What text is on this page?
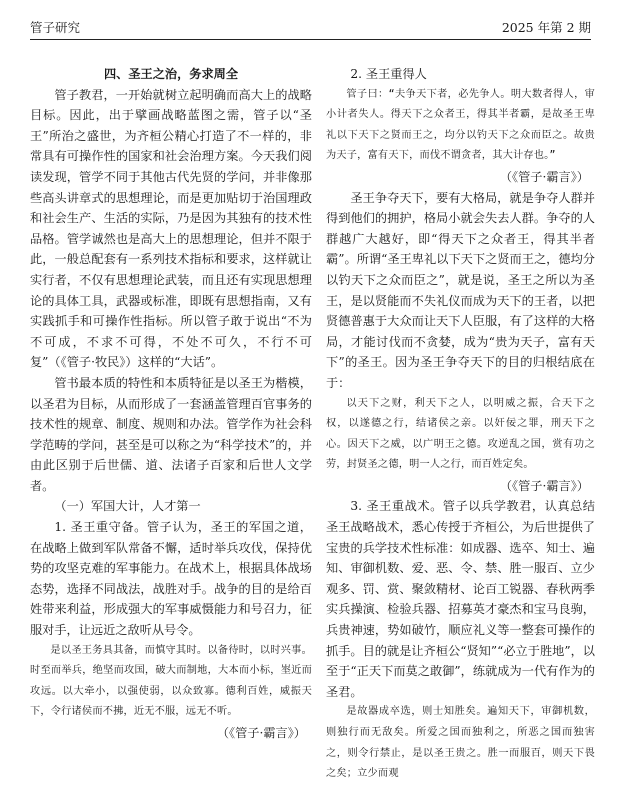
管子研究	2025 年第 2 期

四、圣王之治，务求周全

管子教君，一开始就树立起明确而高大上的战略目标。因此，出于擘画战略蓝图之需，管子以“圣王”所治之盛世，为齐桓公精心打造了不一样的，非常具有可操作性的国家和社会治理方案。今天我们阅读发现，管学不同于其他古代先贤的学问，并非像那些高头讲章式的思想理论，而是更加贴切于治国理政和社会生产、生活的实际，乃是因为其独有的技术性品格。管学诚然也是高大上的思想理论，但并不限于此，一般总配套有一系列技术指标和要求，这样就让实行者，不仅有思想理论武装，而且还有实现思想理论的具体工具，武器或标准，即既有思想指南，又有实践抓手和可操作性指标。所以管子敢于说出“不为不可成，不求不可得，不处不可久，不行不可复”（《管子·牧民》）这样的“大话”。

管书最本质的特性和本质特征是以圣王为楷模，以圣君为目标，从而形成了一套涵盖管理百官事务的技术性的规章、制度、规则和办法。管学作为社会科学范畴的学问，甚至是可以称之为“科学技术”的，并由此区别于后世儒、道、法诸子百家和后世人文学者。

（一）军国大计，人才第一

1. 圣王重守备。管子认为，圣王的军国之道，在战略上做到军队常备不懈，适时举兵攻伐，保持优势的攻坚克难的军事能力。在战术上，根据具体战场态势，选择不同战法，战胜对手。战争的目的是给百姓带来利益，形成强大的军事威慑能力和号召力，征服对手，让远近之敌听从号令。

是以圣王务具其备，而慎守其时。以备待时，以时兴事。时至而举兵，绝坚而攻国，破大而制地，大本而小标，埊近而攻远。以大牵小，以强使弱，以众致寡。德利百姓，威振天下，令行诸侯而不拂，近无不服，远无不听。

（《管子·霸言》）

2. 圣王重得人

管子曰：“夫争天下者，必先争人。明大数者得人，审小计者失人。得天下之众者王，得其半者霸，是故圣王卑礼以下天下之贤而王之，均分以钓天下之众而臣之。故贵为天子，富有天下，而伐不谓贪者，其大计存也。”

（《管子·霸言》）

圣王争夺天下，要有大格局，就是争夺人群并得到他们的拥护，格局小就会失去人群。争夺的人群越广大越好，即“得天下之众者王，得其半者霸”。所谓“圣王卑礼以下天下之贤而王之，德均分以钓天下之众而臣之”，就是说，圣王之所以为圣王，是以贤能而不失礼仪而成为天下的王者，以把贤德普惠于大众而让天下人臣服，有了这样的大格局，才能讨伐而不贪婪，成为“贵为天子，富有天下”的圣王。因为圣王争夺天下的目的归根结底在于：

以天下之财，利天下之人，以明威之振，合天下之权，以遂德之行，结诸侯之亲。以奸佞之罪，刑天下之心。因天下之威，以广明王之德。攻逆乱之国，赏有功之劳，封贤圣之德，明一人之行，而百姓定矣。

（《管子·霸言》）

3. 圣王重战术。管子以兵学教君，认真总结圣王战略战术，悉心传授于齐桓公，为后世提供了宝贵的兵学技术性标准：如成器、选卒、知士、遍知、审御机数、爱、恶、令、禁、胜一服百、立少观多、罚、赏、聚敛精材、论百工锐器、春秋两季实兵操演、检验兵器、招募英才豪杰和宝马良驹，兵贵神速，势如破竹，顺应礼义等一整套可操作的抓手。目的就是让齐桓公“贤知”“必立于胜地”，以至于“正天下而莫之敢御”，练就成为一代有作为的圣君。

是故器成卒选，则士知胜矣。遍知天下，审御机数，则独行而无敌矣。所爱之国而独利之，所恶之国而独害之，则令行禁止，是以圣王贵之。胜一而服百，则天下畏之矣；立少而观
